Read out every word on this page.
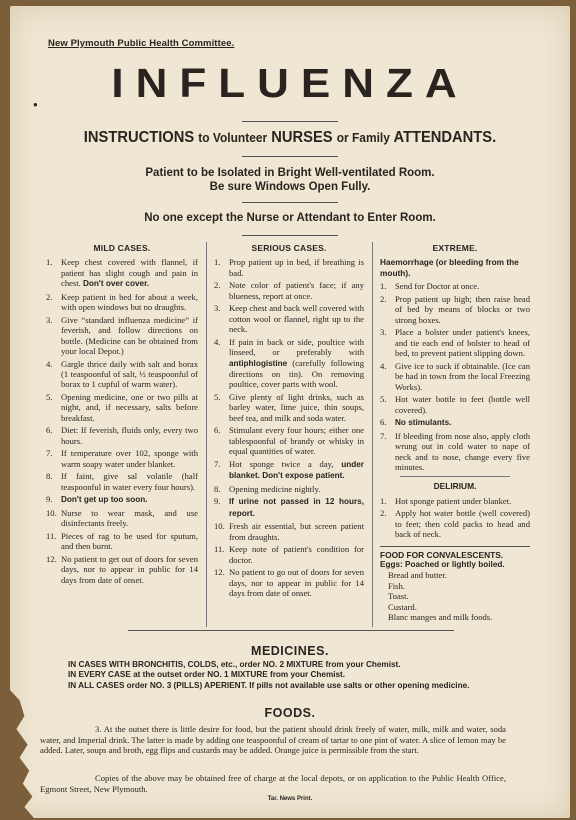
●
New Plymouth Public Health Committee.
INFLUENZA
INSTRUCTIONS to Volunteer NURSES or Family ATTENDANTS.
Patient to be Isolated in Bright Well-ventilated Room.
Be sure Windows Open Fully.
No one except the Nurse or Attendant to Enter Room.
MILD CASES.
1. Keep chest covered with flannel, if patient has slight cough and pain in chest. Don't over cover.
2. Keep patient in bed for about a week, with open windows but no draughts.
3. Give “standard influenza medicine” if feverish, and follow directions on bottle. (Medicine can be obtained from your local Depot.)
4. Gargle thrice daily with salt and borax (1 teaspoonful of salt, ½ teaspoonful of borax to 1 cupful of warm water).
5. Opening medicine, one or two pills at night, and, if necessary, salts before breakfast.
6. Diet: If feverish, fluids only, every two hours.
7. If temperature over 102, sponge with warm soapy water under blanket.
8. If faint, give sal volatile (half teaspoonful in water every four hours).
9.	Don't get up too soon.
10. Nurse to wear mask, and use disinfectants freely.
11. Pieces of rag to be used for sputum, and then burnt.
12. No patient to get out of doors for seven days, nor to appear in public for 14 days from date of onset.
SERIOUS CASES.
1. Prop patient up in bed, if breathing is bad.
2. Note color of patient's face; if any blueness, report at once.
3. Keep chest and back well covered with cotton wool or flannel, right up to the neck.
4. If pain in back or side, poultice with linseed, or preferably with antiphlogistine (carefully following directions on tin). On removing poultice, cover parts with wool.
5. Give plenty of light drinks, such as barley water, lime juice, thin soups, beef tea, and milk and soda water.
6. Stimulant every four hours; either one tablespoonful of brandy or whisky in equal quantities of water.
7. Hot sponge twice a day, under blanket. Don't expose patient.
8. Opening medicine nightly.
9.	If urine not passed in 12 hours, report.
10. Fresh air essential, but screen patient from draughts.
11. Keep note of patient's condition for doctor.
12. No patient to go out of doors for seven days, nor to appear in public for 14 days from date of onset.
EXTREME.
Haemorrhage (or bleeding from the mouth).
1. Send for Doctor at once.
2. Prop patient up high; then raise head of bed by means of blocks or two strong boxes.
3. Place a bolster under patient's knees, and tie each end of bolster to head of bed, to prevent patient slipping down.
4. Give ice to suck if obtainable. (Ice can be had in town from the local Freezing Works).
5. Hot water bottle to feet (bottle well covered).
6.	No stimulants.
7. If bleeding from nose also, apply cloth wrung out in cold water to nape of neck and to nose, change every five minutes.
DELIRIUM.
1. Hot sponge patient under blanket.
2. Apply hot water bottle (well covered) to feet; then cold packs to head and back of neck.
FOOD FOR CONVALESCENTS.
Eggs: Poached or lightly boiled.
Bread and butter.
Fish.
Toast.
Custard.
Blanc manges and milk foods.
MEDICINES.
IN CASES WITH BRONCHITIS, COLDS, etc., order NO. 2 MIXTURE from your Chemist.
IN EVERY CASE at the outset order NO. 1 MIXTURE from your Chemist.
IN ALL CASES order NO. 3 (PILLS) APERIENT. If pills not available use salts or other opening medicine.
FOODS.
3. At the outset there is little desire for food, but the patient should drink freely of water, milk, milk and water, soda water, and Imperial drink. The latter is made by adding one teaspoonful of cream of tartar to one pint of water. A slice of lemon may be added. Later, soups and broth, egg flips and custards may be added. Orange juice is permissible from the start.
Copies of the above may be obtained free of charge at the local depots, or on application to the Public Health Office, Egmont Street, New Plymouth.
Tar. News Print.
